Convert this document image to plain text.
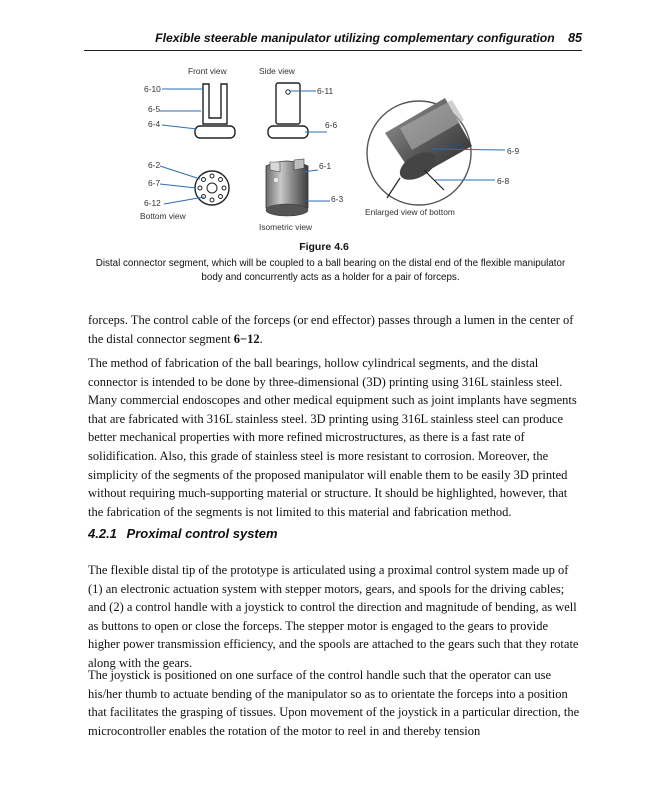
Flexible steerable manipulator utilizing complementary configuration 85
Front view	Side view
Bottom view
Isometric view
Enlarged view of bottom
6-10
6-5
6-4
6-2
6-7
6-12
6-11
6-6
6-1
6-3
6-9
6-8
Figure 4.6
Distal connector segment, which will be coupled to a ball bearing on the distal end of the flexible manipulator body and concurrently acts as a holder for a pair of forceps.

forceps. The control cable of the forceps (or end effector) passes through a lumen in the center of the distal connector segment 6−12.

The method of fabrication of the ball bearings, hollow cylindrical segments, and the distal connector is intended to be done by three-dimensional (3D) printing using 316L stainless steel. Many commercial endoscopes and other medical equipment such as joint implants have segments that are fabricated with 316L stainless steel. 3D printing using 316L stainless steel can produce better mechanical properties with more refined microstructures, as there is a fast rate of solidification. Also, this grade of stainless steel is more resistant to corrosion. Moreover, the simplicity of the segments of the proposed manipulator will enable them to be easily 3D printed without requiring much-supporting material or structure. It should be highlighted, however, that the fabrication of the segments is not limited to this material and fabrication method.

4.2.1 Proximal control system

The flexible distal tip of the prototype is articulated using a proximal control system made up of (1) an electronic actuation system with stepper motors, gears, and spools for the driving cables; and (2) a control handle with a joystick to control the direction and magnitude of bending, as well as buttons to open or close the forceps. The stepper motor is engaged to the gears to provide higher power transmission efficiency, and the spools are attached to the gears such that they rotate along with the gears.

The joystick is positioned on one surface of the control handle such that the operator can use his/her thumb to actuate bending of the manipulator so as to orientate the forceps into a position that facilitates the grasping of tissues. Upon movement of the joystick in a particular direction, the microcontroller enables the rotation of the motor to reel in and thereby tension
